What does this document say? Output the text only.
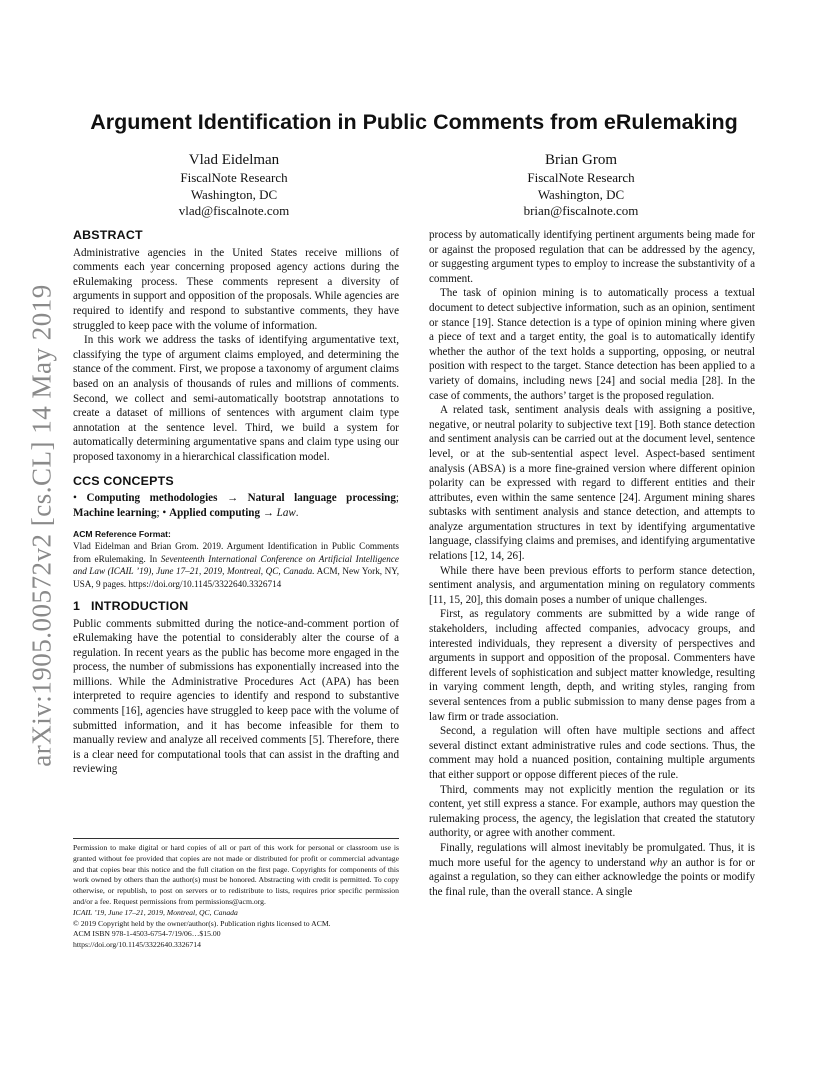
arXiv:1905.00572v2 [cs.CL] 14 May 2019
Argument Identification in Public Comments from eRulemaking
Vlad Eidelman
FiscalNote Research
Washington, DC
vlad@fiscalnote.com
Brian Grom
FiscalNote Research
Washington, DC
brian@fiscalnote.com
ABSTRACT

Administrative agencies in the United States receive millions of comments each year concerning proposed agency actions during the eRulemaking process. These comments represent a diversity of arguments in support and opposition of the proposals. While agencies are required to identify and respond to substantive comments, they have struggled to keep pace with the volume of information.

In this work we address the tasks of identifying argumentative text, classifying the type of argument claims employed, and determining the stance of the comment. First, we propose a taxonomy of argument claims based on an analysis of thousands of rules and millions of comments. Second, we collect and semi-automatically bootstrap annotations to create a dataset of millions of sentences with argument claim type annotation at the sentence level. Third, we build a system for automatically determining argumentative spans and claim type using our proposed taxonomy in a hierarchical classification model.

CCS CONCEPTS
• Computing methodologies → Natural language processing; Machine learning; • Applied computing → Law.
ACM Reference Format:
Vlad Eidelman and Brian Grom. 2019. Argument Identification in Public Comments from eRulemaking. In Seventeenth International Conference on Artificial Intelligence and Law (ICAIL ’19), June 17–21, 2019, Montreal, QC, Canada. ACM, New York, NY, USA, 9 pages. https://doi.org/10.1145/3322640.3326714
1   INTRODUCTION

Public comments submitted during the notice-and-comment portion of eRulemaking have the potential to considerably alter the course of a regulation. In recent years as the public has become more engaged in the process, the number of submissions has exponentially increased into the millions. While the Administrative Procedures Act (APA) has been interpreted to require agencies to identify and respond to substantive comments [16], agencies have struggled to keep pace with the volume of submitted information, and it has become infeasible for them to manually review and analyze all received comments [5]. Therefore, there is a clear need for computational tools that can assist in the drafting and reviewing

Permission to make digital or hard copies of all or part of this work for personal or classroom use is granted without fee provided that copies are not made or distributed for profit or commercial advantage and that copies bear this notice and the full citation on the first page. Copyrights for components of this work owned by others than the author(s) must be honored. Abstracting with credit is permitted. To copy otherwise, or republish, to post on servers or to redistribute to lists, requires prior specific permission and/or a fee. Request permissions from permissions@acm.org.
ICAIL ’19, June 17–21, 2019, Montreal, QC, Canada
© 2019 Copyright held by the owner/author(s). Publication rights licensed to ACM.
ACM ISBN 978-1-4503-6754-7/19/06…$15.00
https://doi.org/10.1145/3322640.3326714

process by automatically identifying pertinent arguments being made for or against the proposed regulation that can be addressed by the agency, or suggesting argument types to employ to increase the substantivity of a comment.

The task of opinion mining is to automatically process a textual document to detect subjective information, such as an opinion, sentiment or stance [19]. Stance detection is a type of opinion mining where given a piece of text and a target entity, the goal is to automatically identify whether the author of the text holds a supporting, opposing, or neutral position with respect to the target. Stance detection has been applied to a variety of domains, including news [24] and social media [28]. In the case of comments, the authors’ target is the proposed regulation.

A related task, sentiment analysis deals with assigning a positive, negative, or neutral polarity to subjective text [19]. Both stance detection and sentiment analysis can be carried out at the document level, sentence level, or at the sub-sentential aspect level. Aspect-based sentiment analysis (ABSA) is a more fine-grained version where different opinion polarity can be expressed with regard to different entities and their attributes, even within the same sentence [24]. Argument mining shares subtasks with sentiment analysis and stance detection, and attempts to analyze argumentation structures in text by identifying argumentative language, classifying claims and premises, and identifying argumentative relations [12, 14, 26].

While there have been previous efforts to perform stance detection, sentiment analysis, and argumentation mining on regulatory comments [11, 15, 20], this domain poses a number of unique challenges.

First, as regulatory comments are submitted by a wide range of stakeholders, including affected companies, advocacy groups, and interested individuals, they represent a diversity of perspectives and arguments in support and opposition of the proposal. Commenters have different levels of sophistication and subject matter knowledge, resulting in varying comment length, depth, and writing styles, ranging from several sentences from a public submission to many dense pages from a law firm or trade association.

Second, a regulation will often have multiple sections and affect several distinct extant administrative rules and code sections. Thus, the comment may hold a nuanced position, containing multiple arguments that either support or oppose different pieces of the rule.

Third, comments may not explicitly mention the regulation or its content, yet still express a stance. For example, authors may question the rulemaking process, the agency, the legislation that created the statutory authority, or agree with another comment.

Finally, regulations will almost inevitably be promulgated. Thus, it is much more useful for the agency to understand why an author is for or against a regulation, so they can either acknowledge the points or modify the final rule, than the overall stance. A single
